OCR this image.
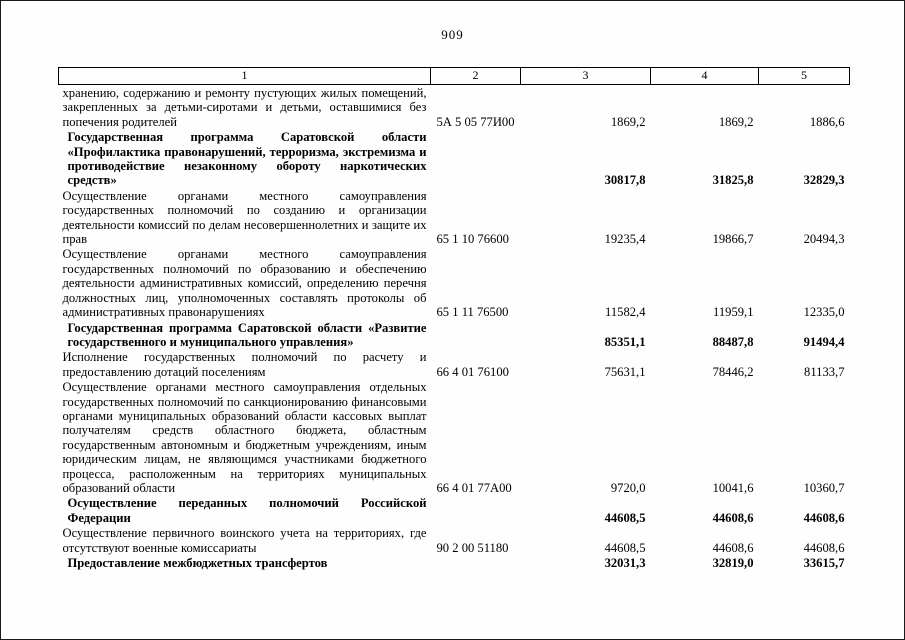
909
1	2	3	4	5
хранению, содержанию и ремонту пустующих жилых помещений, закрепленных за детьми-сиротами и детьми, оставшимися без попечения родителей	5А 5 05 77И00	1869,2	1869,2	1886,6
Государственная программа Саратовской области «Профилактика правонарушений, терроризма, экстремизма и противодействие незаконному обороту наркотических средств»		30817,8	31825,8	32829,3
Осуществление органами местного самоуправления государственных полномочий по созданию и организации деятельности комиссий по делам несовершеннолетних и защите их прав	65 1 10 76600	19235,4	19866,7	20494,3
Осуществление органами местного самоуправления государственных полномочий по образованию и обеспечению деятельности административных комиссий, определению перечня должностных лиц, уполномоченных составлять протоколы об административных правонарушениях	65 1 11 76500	11582,4	11959,1	12335,0
Государственная программа Саратовской области «Развитие государственного и муниципального управления»		85351,1	88487,8	91494,4
Исполнение государственных полномочий по расчету и предоставлению дотаций поселениям	66 4 01 76100	75631,1	78446,2	81133,7
Осуществление органами местного самоуправления отдельных государственных полномочий по санкционированию финансовыми органами муниципальных образований области кассовых выплат получателям средств областного бюджета, областным государственным автономным и бюджетным учреждениям, иным юридическим лицам, не являющимся участниками бюджетного процесса, расположенным на территориях муниципальных образований области	66 4 01 77А00	9720,0	10041,6	10360,7
Осуществление переданных полномочий Российской Федерации		44608,5	44608,6	44608,6
Осуществление первичного воинского учета на территориях, где отсутствуют военные комиссариаты	90 2 00 51180	44608,5	44608,6	44608,6
Предоставление межбюджетных трансфертов		32031,3	32819,0	33615,7
